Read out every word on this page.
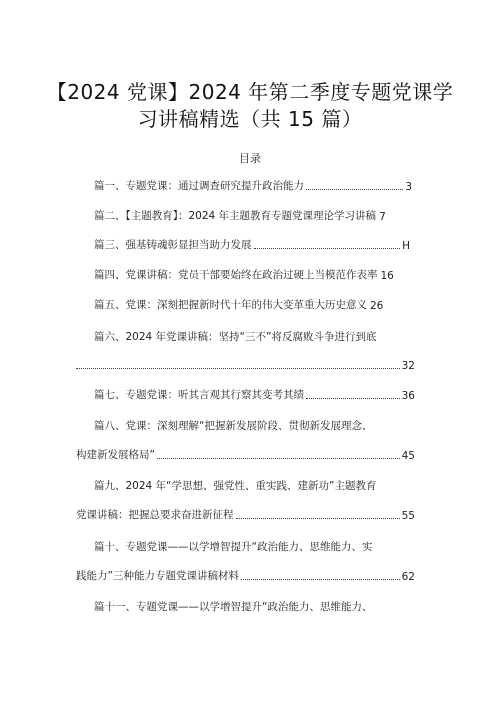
【2024 党课】2024 年第二季度专题党课学
习讲稿精选（共 15 篇）
目录
篇一、专题党课：通过调查研究提升政治能力	3
篇二、【主题教育】：2024 年主题教育专题党课理论学习讲稿 7
篇三、强基铸魂彰显担当助力发展	H
篇四、党课讲稿：党员干部要始终在政治过硬上当模范作表率 16
篇五、党课：深刻把握新时代十年的伟大变革重大历史意义 26
篇六、2024 年党课讲稿：坚持“三不”将反腐败斗争进行到底
32
篇七、专题党课：听其言观其行察其变考其绩	36
篇八、党课：深刻理解“把握新发展阶段、贯彻新发展理念、
构建新发展格局”	45
篇九、2024 年“学思想、强党性、重实践、建新功”主题教育
党课讲稿：把握总要求奋进新征程	55
篇十、专题党课——以学增智提升“政治能力、思维能力、实
践能力”三种能力专题党课讲稿材料	62
篇十一、专题党课——以学增智提升“政治能力、思维能力、
